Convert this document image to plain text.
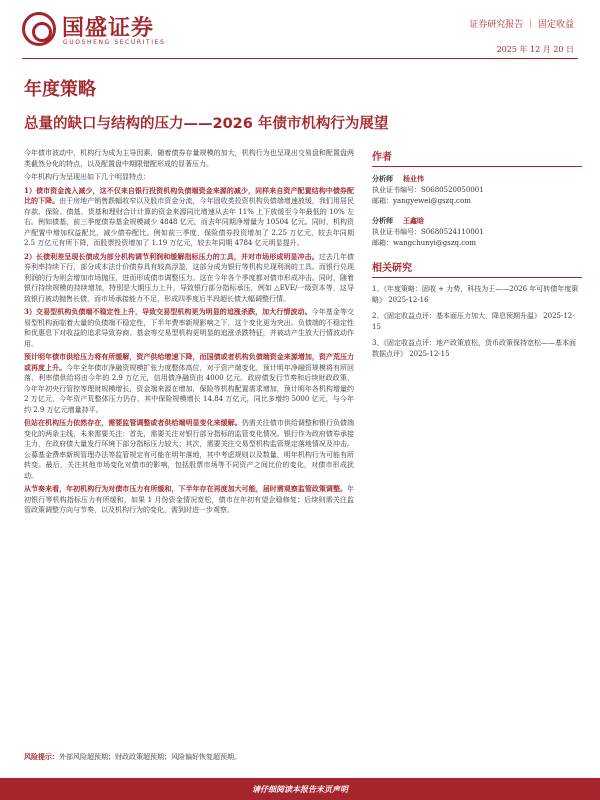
国盛证券
GUOSHENG SECURITIES
证券研究报告 ｜ 固定收益
2025 年 12 月 20 日
年度策略
总量的缺口与结构的压力——2026 年债市机构行为展望

今年债市波动中，机构行为成为主导因素，随着债券存量规模的加大，机构行为也呈现出交易盘和配置盘两类截然分化的特点，以及配置盘中期限错配形成的显著压力。

今年机构行为呈现出如下几个明显特点：

1）债市资金流入减少，这不仅来自银行投资机构负债端资金来源的减少，同样来自资产配置结构中债券配比的下降。由于房地产销售跌幅收窄以及股市资金分流，今年固收类投资机构负债端增速放缓，我们用居民存款、保险、债基、货基和理财合计计算的资金来源同比增速从去年 11% 上下放缓至今年最低的 10% 左右。例如债基，前三季度债券基金规模减少 4848 亿元，而去年同期净增量为 10504 亿元。同时，机构资产配置中增加权益配比，减少债券配比。例如前三季度，保险债券投资增加了 2.25 万亿元，较去年同期 2.5 万亿元有所下降，而股票投资增加了 1.19 万亿元，较去年同期 4784 亿元明显提升。

2）长债利差呈现长债成为部分机构调节利润和缓解指标压力的工具，并对市场形成明显冲击。过去几年债券利率持续下行，部分成本法计价债券具有较高浮盈，这部分成为银行等机构兑现利润的工具。而银行兑现利润的行为则会增加市场抛压，进而形成债市调整压力。这在今年各个季度都对债市形成冲击。同时，随着银行持续规模的持续增加，特别是大期压力上升，导致银行部分指标承压，例如 △EVE/一级资本等，这导致银行被动抛售长债，而市场承接能力不足，形成四季度后半段超长债大幅调整行情。

3）交易型机构负债端不稳定性上升，导致交易型机构更为明显的追涨杀跌，加大行情波动。今年基金等交易型机构面临着大量的负债端不稳定性，下半年费率新规影响之下，这个变化更为突出。负债端的不稳定性和优惠息下对收益的追求导致券商、基金等交易型机构更明显的追涨杀跌特征，并被动产生放大行情波动作用。

预计明年债市供给压力将有所缓解，资产供给增速下降，而国债或者机构负债端资金来源增加，资产荒压力或再度上升。今年全年债市净融资规模扩张力度整体高位，对于资产端变化，预计明年净融资规模将有所回落，利率债供给将由今年的 2.9 万亿元，信用债净融资由 4000 亿元。政府债发行节奏和后续财政政策，今年年初央行管控等理财规模增长，资金端来源在增加，保险等机构配置需求增加，预计明年各机构增量约 2 万亿元，今年资产荒整体压力仍存，其中保险规模增长 14.84 万亿元，同比多增约 5000 亿元，与今年约 2.9 万亿元增量持平。

但站在机构压力依然存在，需要监管调整或者供给端明显变化来缓解。仍需关注债市供给调整和银行负债端变化的两条主线，未来需要关注：首先，需要关注对银行部分指标的监管变化情况。银行作为政府债券承接主力，在政府债大量发行环境下部分指标压力较大；其次，需要关注交易型机构监管规定落地情况及冲击。公募基金费率新规管理办法等监管规定有可能在明年落地，其中考虑规则以及数量，明年机构行为可能有所转变。最后，关注其他市场变化对债市的影响，包括股票市场等不同资产之间比价的变化，对债市形成扰动。

从节奏来看，年初机构行为对债市压力有所缓和，下半年存在再度加大可能，届时需观察监管政策调整。年初银行等机构指标压力有所缓和，如果 1 月份资金情况宽松，债市在年初有望企稳修复；后续则需关注监管政策调整方向与节奏，以及机构行为的变化，需到时进一步观察。

作者
分析师 杨业伟
执业证书编号：S0680520050001
邮箱：yangyewei@gszq.com
分析师 王鑫晗
执业证书编号：S0680524110001
邮箱：wangchunyi@gszq.com
相关研究
1、《年度策略：固收 + 力势，科技为王——2026 年可转债年度策略》 2025-12-16
2、《固定收益点评：基本面压力加大，降息预期升温》 2025-12-15
3、《固定收益点评：地产政策放松，货币政策保持宽松——基本面数据点评》 2025-12-15
风险提示：外部风险超预期；财政政策超预期；风险偏好恢复超预期。
请仔细阅读本报告末页声明
